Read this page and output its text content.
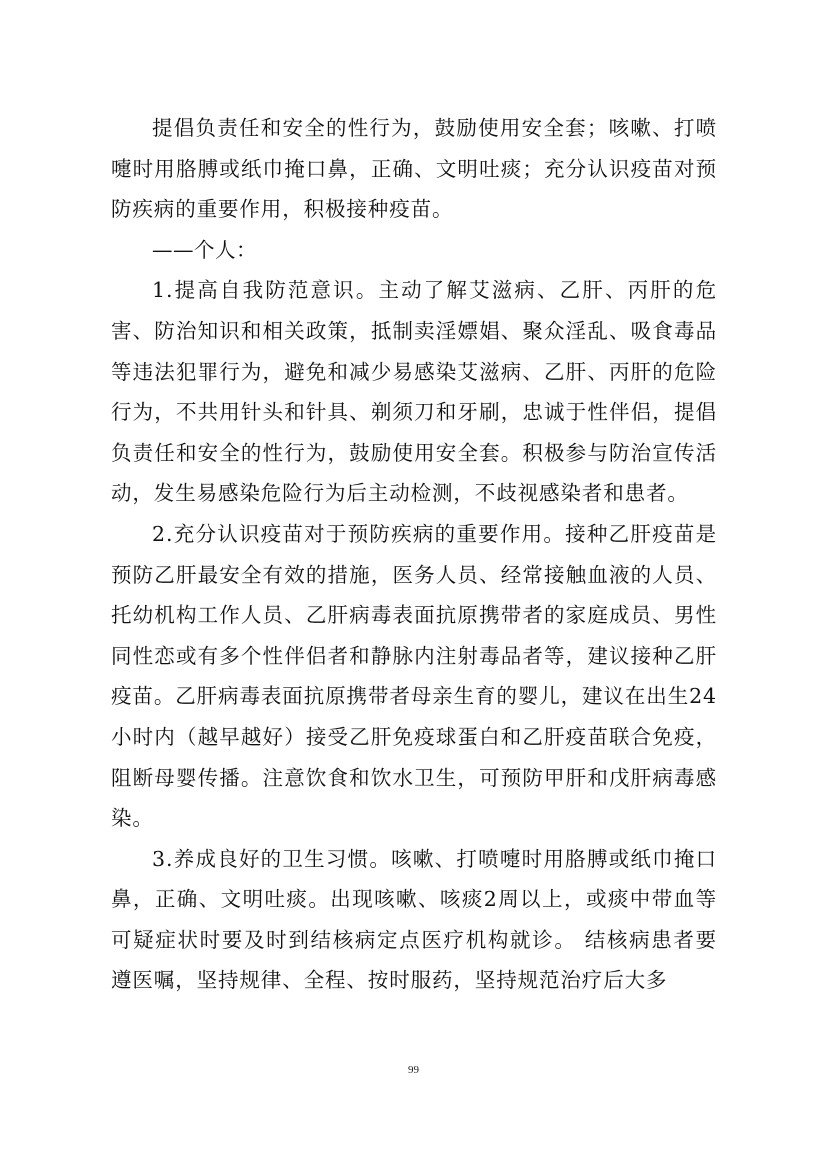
提倡负责任和安全的性行为，鼓励使用安全套；咳嗽、打喷嚏时用胳膊或纸巾掩口鼻，正确、文明吐痰；充分认识疫苗对预防疾病的重要作用，积极接种疫苗。

——个人：

1.提高自我防范意识。主动了解艾滋病、乙肝、丙肝的危害、防治知识和相关政策，抵制卖淫嫖娼、聚众淫乱、吸食毒品等违法犯罪行为，避免和减少易感染艾滋病、乙肝、丙肝的危险行为，不共用针头和针具、剃须刀和牙刷，忠诚于性伴侣，提倡负责任和安全的性行为，鼓励使用安全套。积极参与防治宣传活动，发生易感染危险行为后主动检测，不歧视感染者和患者。

2.充分认识疫苗对于预防疾病的重要作用。接种乙肝疫苗是预防乙肝最安全有效的措施，医务人员、经常接触血液的人员、托幼机构工作人员、乙肝病毒表面抗原携带者的家庭成员、男性同性恋或有多个性伴侣者和静脉内注射毒品者等，建议接种乙肝疫苗。乙肝病毒表面抗原携带者母亲生育的婴儿，建议在出生24小时内（越早越好）接受乙肝免疫球蛋白和乙肝疫苗联合免疫，阻断母婴传播。注意饮食和饮水卫生，可预防甲肝和戊肝病毒感染。

3.养成良好的卫生习惯。咳嗽、打喷嚏时用胳膊或纸巾掩口鼻，正确、文明吐痰。出现咳嗽、咳痰2周以上，或痰中带血等可疑症状时要及时到结核病定点医疗机构就诊。 结核病患者要遵医嘱，坚持规律、全程、按时服药，坚持规范治疗后大多

99
